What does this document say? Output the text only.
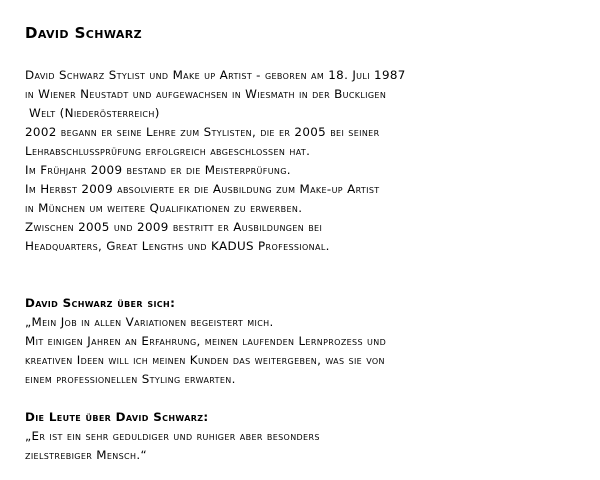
David Schwarz
David Schwarz Stylist und Make up Artist - geboren am 18. Juli 1987
in Wiener Neustadt und aufgewachsen in Wiesmath in der Buckligen
Welt (Niederösterreich)
2002 begann er seine Lehre zum Stylisten, die er 2005 bei seiner
Lehrabschlussprüfung erfolgreich abgeschlossen hat.
Im Frühjahr 2009 bestand er die Meisterprüfung.
Im Herbst 2009 absolvierte er die Ausbildung zum Make-up Artist
in München um weitere Qualifikationen zu erwerben.
Zwischen 2005 und 2009 bestritt er Ausbildungen bei
Headquarters, Great Lengths und KADUS Professional.
David Schwarz über sich:
„Mein Job in allen Variationen begeistert mich.
Mit einigen Jahren an Erfahrung, meinen laufenden Lernprozess und
kreativen Ideen will ich meinen Kunden das weitergeben, was sie von
einem professionellen Styling erwarten.
Die Leute über David Schwarz:
„Er ist ein sehr geduldiger und ruhiger aber besonders
zielstrebiger Mensch.“
